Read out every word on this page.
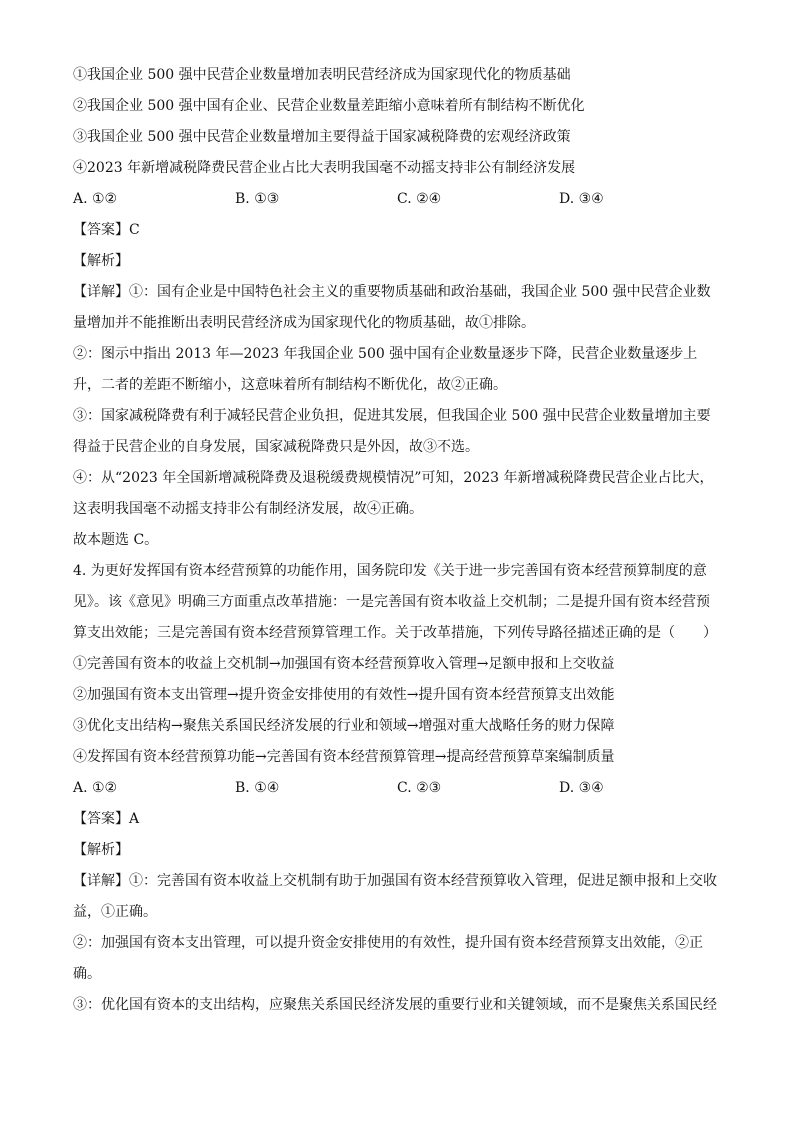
①我国企业 500 强中民营企业数量增加表明民营经济成为国家现代化的物质基础
②我国企业 500 强中国有企业、民营企业数量差距缩小意味着所有制结构不断优化
③我国企业 500 强中民营企业数量增加主要得益于国家减税降费的宏观经济政策
④2023 年新增减税降费民营企业占比大表明我国毫不动摇支持非公有制经济发展
A. ①②	B. ①③	C. ②④	D. ③④
【答案】C
【解析】
【详解】①：国有企业是中国特色社会主义的重要物质基础和政治基础，我国企业 500 强中民营企业数量增加并不能推断出表明民营经济成为国家现代化的物质基础，故①排除。
②：图示中指出 2013 年—2023 年我国企业 500 强中国有企业数量逐步下降，民营企业数量逐步上升，二者的差距不断缩小，这意味着所有制结构不断优化，故②正确。
③：国家减税降费有利于减轻民营企业负担，促进其发展，但我国企业 500 强中民营企业数量增加主要得益于民营企业的自身发展，国家减税降费只是外因，故③不选。
④：从“2023 年全国新增减税降费及退税缓费规模情况”可知，2023 年新增减税降费民营企业占比大，这表明我国毫不动摇支持非公有制经济发展，故④正确。
故本题选 C。
4. 为更好发挥国有资本经营预算的功能作用，国务院印发《关于进一步完善国有资本经营预算制度的意见》。该《意见》明确三方面重点改革措施：一是完善国有资本收益上交机制；二是提升国有资本经营预算支出效能；三是完善国有资本经营预算管理工作。关于改革措施，下列传导路径描述正确的是（　　）
①完善国有资本的收益上交机制→加强国有资本经营预算收入管理→足额申报和上交收益
②加强国有资本支出管理→提升资金安排使用的有效性→提升国有资本经营预算支出效能
③优化支出结构→聚焦关系国民经济发展的行业和领域→增强对重大战略任务的财力保障
④发挥国有资本经营预算功能→完善国有资本经营预算管理→提高经营预算草案编制质量
A. ①②	B. ①④	C. ②③	D. ③④
【答案】A
【解析】
【详解】①：完善国有资本收益上交机制有助于加强国有资本经营预算收入管理，促进足额申报和上交收益，①正确。
②：加强国有资本支出管理，可以提升资金安排使用的有效性，提升国有资本经营预算支出效能，②正确。
③：优化国有资本的支出结构，应聚焦关系国民经济发展的重要行业和关键领域，而不是聚焦关系国民经
